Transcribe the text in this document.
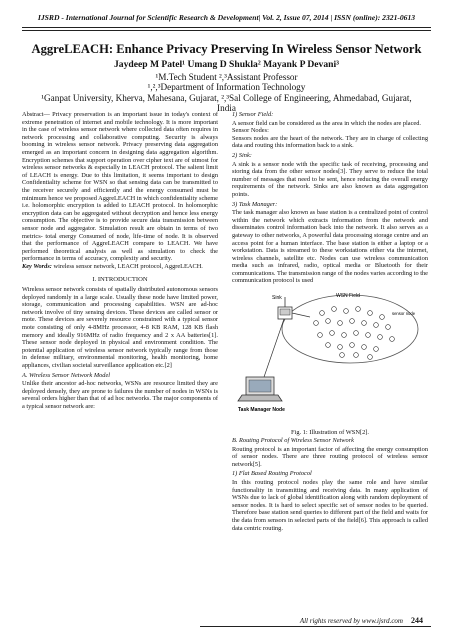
IJSRD - International Journal for Scientific Research & Development| Vol. 2, Issue 07, 2014 | ISSN (online): 2321-0613
AggreLEACH: Enhance Privacy Preserving In Wireless Sensor Network
Jaydeep M Patel¹ Umang D Shukla² Mayank P Devani³
¹M.Tech Student ²,³Assistant Professor
¹,²,³Department of Information Technology
¹Ganpat University, Kherva, Mahesana, Gujarat, ²,³Sal College of Engineering, Ahmedabad, Gujarat,
India

Abstract— Privacy preservation is an important issue in today's context of extreme penetration of internet and mobile technology. It is more important in the case of wireless sensor network where collected data often requires in network processing and collaborative computing. Security is always booming in wireless sensor network. Privacy preserving data aggregation emerged as an important concern in designing data aggregation algorithm. Encryption schemes that support operation over cipher text are of utmost for wireless sensor networks & especially in LEACH protocol. The salient limit of LEACH is energy. Due to this limitation, it seems important to design Confidentiality scheme for WSN so that sensing data can be transmitted to the receiver securely and efficiently and the energy consumed must be minimum hence we proposed AggreLEACH in which confidentiality scheme i.e. holomorphic encryption is added to LEACH protocol. In holomorphic encryption data can be aggregated without decryption and hence less energy consumption. The objective is to provide secure data transmission between sensor node and aggregator. Simulation result are obtain in terms of two metrics- total energy Consumed of node, life-time of node. It is observed that the performance of AggreLEACH compare to LEACH. We have performed theoretical analysis as well as simulation to check the performance in terms of accuracy, complexity and security.

Key Words: wireless sensor network, LEACH protocol, AggreLEACH.

I. INTRODUCTION

Wireless sensor network consists of spatially distributed autonomous sensors deployed randomly in a large scale. Usually these node have limited power, storage, communication and processing capabilities. WSN are ad-hoc network involve of tiny sensing devices. These devices are called sensor or mote. These devices are severely resource constrained with a typical sensor mote consisting of only 4-8MHz processor, 4-8 KB RAM, 128 KB flash memory and ideally 916MHz of radio frequency and 2 x AA batteries[1]. These sensor node deployed in physical and environment condition. The potential application of wireless sensor network typically range from those in defense military, environmental monitoring, health monitoring, home appliances, civilian societal surveillance application etc.[2]

A. Wireless Sensor Network Model

Unlike their ancestor ad-hoc networks, WSNs are resource limited they are deployed densely, they are prone to failures the number of nodes in WSNs is several orders higher than that of ad hoc networks. The major components of a typical sensor network are:

1) Sensor Field:

A sensor field can be considered as the area in which the nodes are placed.

Sensor Nodes:

Sensors nodes are the heart of the network. They are in charge of collecting data and routing this information back to a sink.

2) Sink:

A sink is a sensor node with the specific task of receiving, processing and storing data from the other sensor nodes[3]. They serve to reduce the total number of messages that need to be sent, hence reducing the overall energy requirements of the network. Sinks are also known as data aggregation points.

3) Task Manager:

The task manager also known as base station is a centralized point of control within the network which extracts information from the network and disseminates control information back into the network. It also serves as a gateway to other networks, A powerful data processing storage centre and an access point for a human interface. The base station is either a laptop or a workstation. Data is streamed to these workstations either via the internet, wireless channels, satellite etc. Nodes can use wireless communication media such as infrared, radio, optical media or Bluetooth for their communications. The transmission range of the nodes varies according to the communication protocol is used

Sink	WSN Field
sensor node
Task Manager Node
Fig. 1: Illustration of WSN[2].
B. Routing Protocol of Wireless Sensor Network

Routing protocol is an important factor of affecting the energy consumption of sensor nodes. There are three routing protocol of wireless sensor network[5].

1) Flat Based Routing Protocol

In this routing protocol nodes play the same role and have similar functionality in transmitting and receiving data. In many application of WSNs due to lack of global identification along with random deployment of sensor nodes. It is hard to select specific set of sensor nodes to be queried. Therefore base station send queries to different part of the field and waits for the data from sensors in selected parts of the field[6]. This approach is called data centric routing.

All rights reserved by www.ijsrd.com 244
